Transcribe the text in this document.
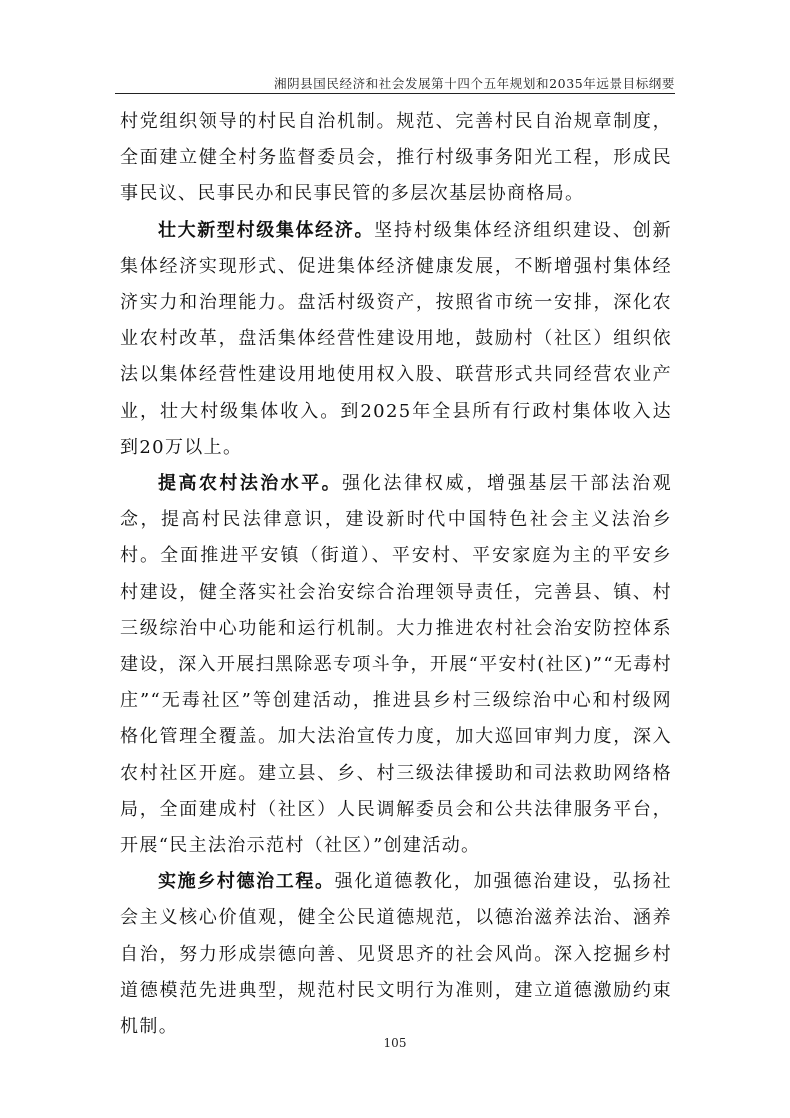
湘阴县国民经济和社会发展第十四个五年规划和2035年远景目标纲要

村党组织领导的村民自治机制。规范、完善村民自治规章制度，全面建立健全村务监督委员会，推行村级事务阳光工程，形成民事民议、民事民办和民事民管的多层次基层协商格局。

壮大新型村级集体经济。坚持村级集体经济组织建设、创新集体经济实现形式、促进集体经济健康发展，不断增强村集体经济实力和治理能力。盘活村级资产，按照省市统一安排，深化农业农村改革，盘活集体经营性建设用地，鼓励村（社区）组织依法以集体经营性建设用地使用权入股、联营形式共同经营农业产业，壮大村级集体收入。到2025年全县所有行政村集体收入达到20万以上。

提高农村法治水平。强化法律权威，增强基层干部法治观念，提高村民法律意识，建设新时代中国特色社会主义法治乡村。全面推进平安镇（街道）、平安村、平安家庭为主的平安乡村建设，健全落实社会治安综合治理领导责任，完善县、镇、村三级综治中心功能和运行机制。大力推进农村社会治安防控体系建设，深入开展扫黑除恶专项斗争，开展“平安村(社区)”“无毒村庄”“无毒社区”等创建活动，推进县乡村三级综治中心和村级网格化管理全覆盖。加大法治宣传力度，加大巡回审判力度，深入农村社区开庭。建立县、乡、村三级法律援助和司法救助网络格局，全面建成村（社区）人民调解委员会和公共法律服务平台，开展“民主法治示范村（社区）”创建活动。

实施乡村德治工程。强化道德教化，加强德治建设，弘扬社会主义核心价值观，健全公民道德规范，以德治滋养法治、涵养自治，努力形成崇德向善、见贤思齐的社会风尚。深入挖掘乡村道德模范先进典型，规范村民文明行为准则，建立道德激励约束机制。

105
